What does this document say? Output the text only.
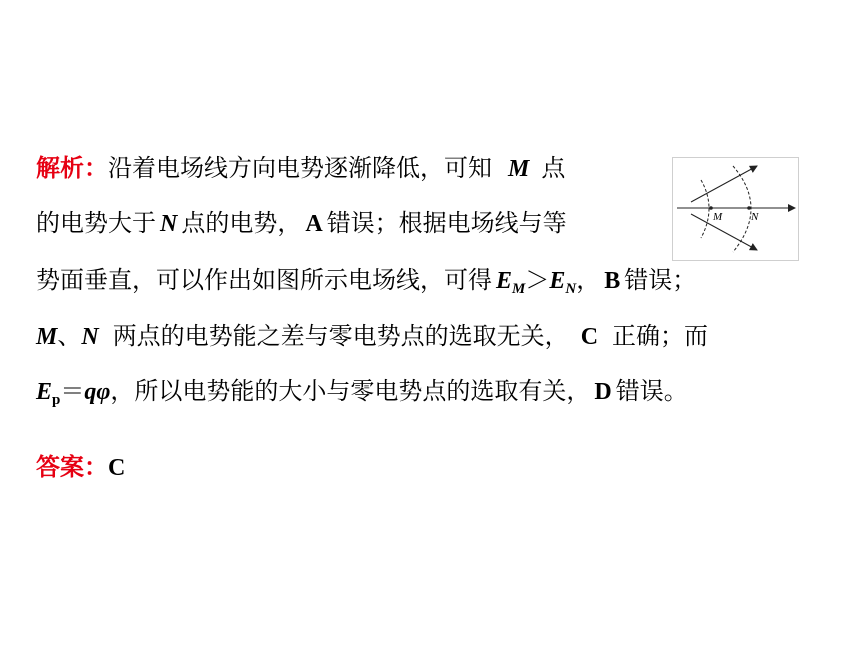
解析：沿着电场线方向电势逐渐降低，可知 M 点
的电势大于 N 点的电势， A 错误；根据电场线与等
势面垂直，可以作出如图所示电场线，可得 $E_M>E_N$， B 错误；
M、N 两点的电势能之差与零电势点的选取无关， C 正确；而
$E_p=q\varphi$，所以电势能的大小与零电势点的选取有关， D 错误。
答案：C
M	N
